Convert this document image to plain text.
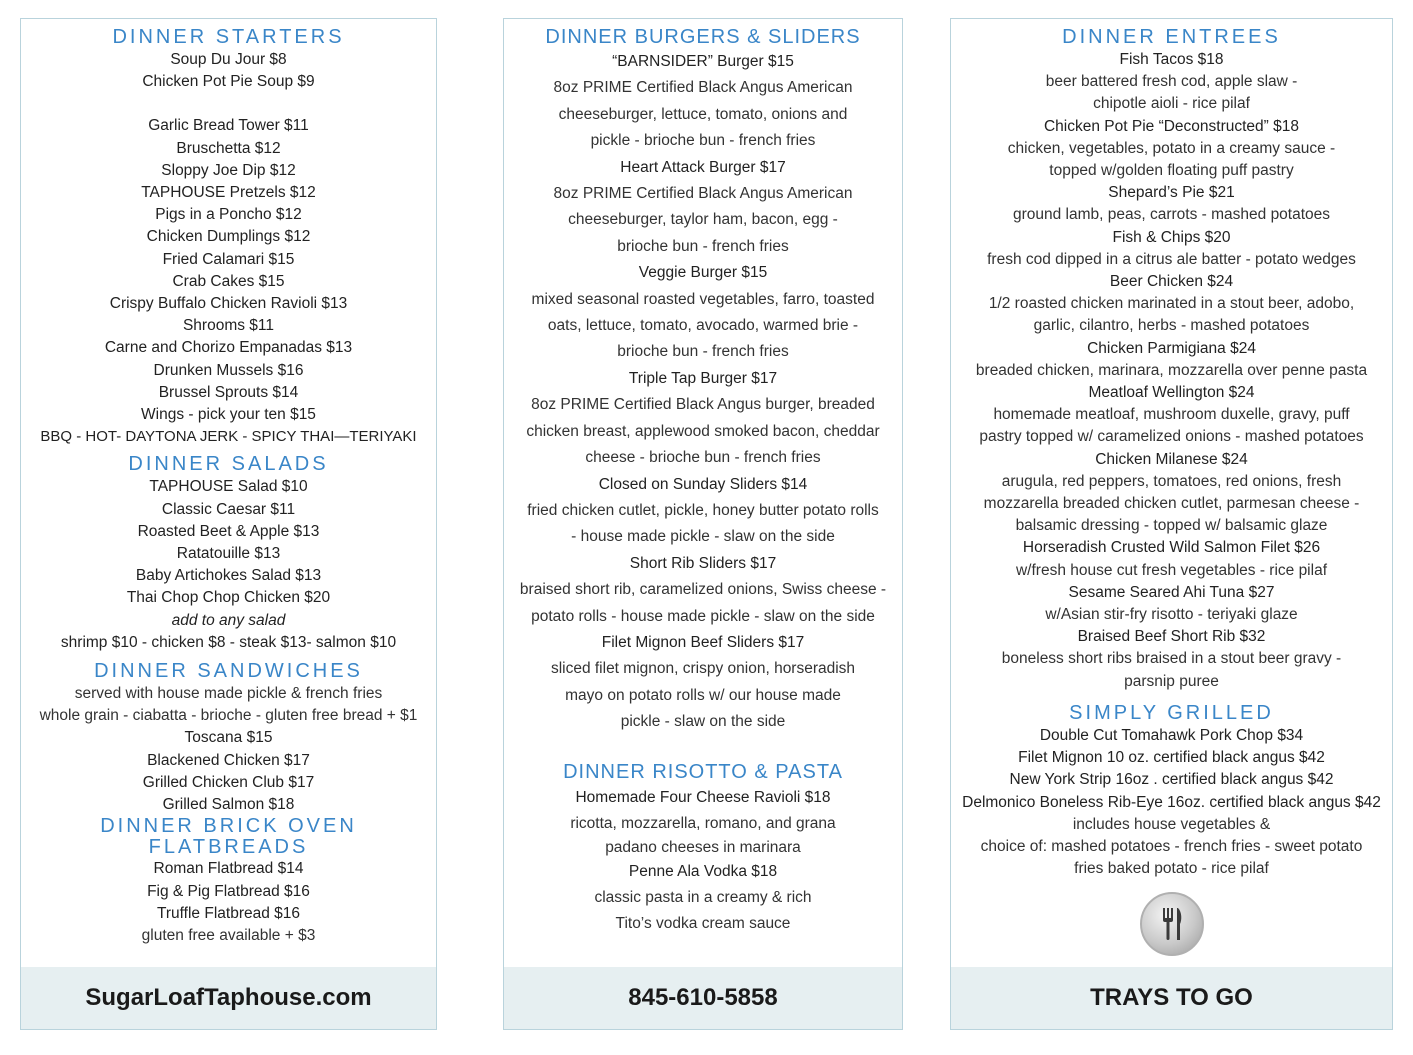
DINNER STARTERS
Soup Du Jour $8
Chicken Pot Pie Soup $9
Garlic Bread Tower $11
Bruschetta $12
Sloppy Joe Dip $12
TAPHOUSE Pretzels $12
Pigs in a Poncho $12
Chicken Dumplings $12
Fried Calamari $15
Crab Cakes $15
Crispy Buffalo Chicken Ravioli $13
Shrooms $11
Carne and Chorizo Empanadas $13
Drunken Mussels $16
Brussel Sprouts $14
Wings - pick your ten $15
BBQ - HOT- DAYTONA JERK - SPICY THAI—TERIYAKI
DINNER SALADS
TAPHOUSE Salad $10
Classic Caesar $11
Roasted Beet & Apple $13
Ratatouille $13
Baby Artichokes Salad $13
Thai Chop Chop Chicken $20
add to any salad
shrimp $10 - chicken $8 - steak $13- salmon $10
DINNER SANDWICHES
served with house made pickle & french fries
whole grain - ciabatta - brioche - gluten free bread + $1
Toscana $15
Blackened Chicken $17
Grilled Chicken Club $17
Grilled Salmon $18
DINNER BRICK OVEN
FLATBREADS
Roman Flatbread $14
Fig & Pig Flatbread $16
Truffle Flatbread $16
gluten free available + $3
SugarLoafTaphouse.com
DINNER BURGERS & SLIDERS
“BARNSIDER” Burger $15
8oz PRIME Certified Black Angus American
cheeseburger, lettuce, tomato, onions and
pickle - brioche bun - french fries
Heart Attack Burger $17
8oz PRIME Certified Black Angus American
cheeseburger, taylor ham, bacon, egg -
brioche bun - french fries
Veggie Burger $15
mixed seasonal roasted vegetables, farro, toasted
oats, lettuce, tomato, avocado, warmed brie -
brioche bun - french fries
Triple Tap Burger $17
8oz PRIME Certified Black Angus burger, breaded
chicken breast, applewood smoked bacon, cheddar
cheese - brioche bun - french fries
Closed on Sunday Sliders $14
fried chicken cutlet, pickle, honey butter potato rolls
- house made pickle - slaw on the side
Short Rib Sliders $17
braised short rib, caramelized onions, Swiss cheese -
potato rolls - house made pickle - slaw on the side
Filet Mignon Beef Sliders $17
sliced filet mignon, crispy onion, horseradish
mayo on potato rolls w/ our house made
pickle - slaw on the side
DINNER RISOTTO & PASTA
Homemade Four Cheese Ravioli $18
ricotta, mozzarella, romano, and grana
padano cheeses in marinara
Penne Ala Vodka $18
classic pasta in a creamy & rich
Tito’s vodka cream sauce
845-610-5858
DINNER ENTREES
Fish Tacos $18
beer battered fresh cod, apple slaw -
chipotle aioli - rice pilaf
Chicken Pot Pie “Deconstructed” $18
chicken, vegetables, potato in a creamy sauce -
topped w/golden floating puff pastry
Shepard’s Pie $21
ground lamb, peas, carrots - mashed potatoes
Fish & Chips $20
fresh cod dipped in a citrus ale batter - potato wedges
Beer Chicken $24
1/2 roasted chicken marinated in a stout beer, adobo,
garlic, cilantro, herbs - mashed potatoes
Chicken Parmigiana $24
breaded chicken, marinara, mozzarella over penne pasta
Meatloaf Wellington $24
homemade meatloaf, mushroom duxelle, gravy, puff
pastry topped w/ caramelized onions - mashed potatoes
Chicken Milanese $24
arugula, red peppers, tomatoes, red onions, fresh
mozzarella breaded chicken cutlet, parmesan cheese -
balsamic dressing - topped w/ balsamic glaze
Horseradish Crusted Wild Salmon Filet $26
w/fresh house cut fresh vegetables - rice pilaf
Sesame Seared Ahi Tuna $27
w/Asian stir-fry risotto - teriyaki glaze
Braised Beef Short Rib $32
boneless short ribs braised in a stout beer gravy -
parsnip puree
SIMPLY GRILLED
Double Cut Tomahawk Pork Chop $34
Filet Mignon 10 oz. certified black angus $42
New York Strip 16oz . certified black angus $42
Delmonico Boneless Rib-Eye 16oz. certified black angus $42
includes house vegetables &
choice of: mashed potatoes - french fries - sweet potato
fries baked potato - rice pilaf
TRAYS TO GO
